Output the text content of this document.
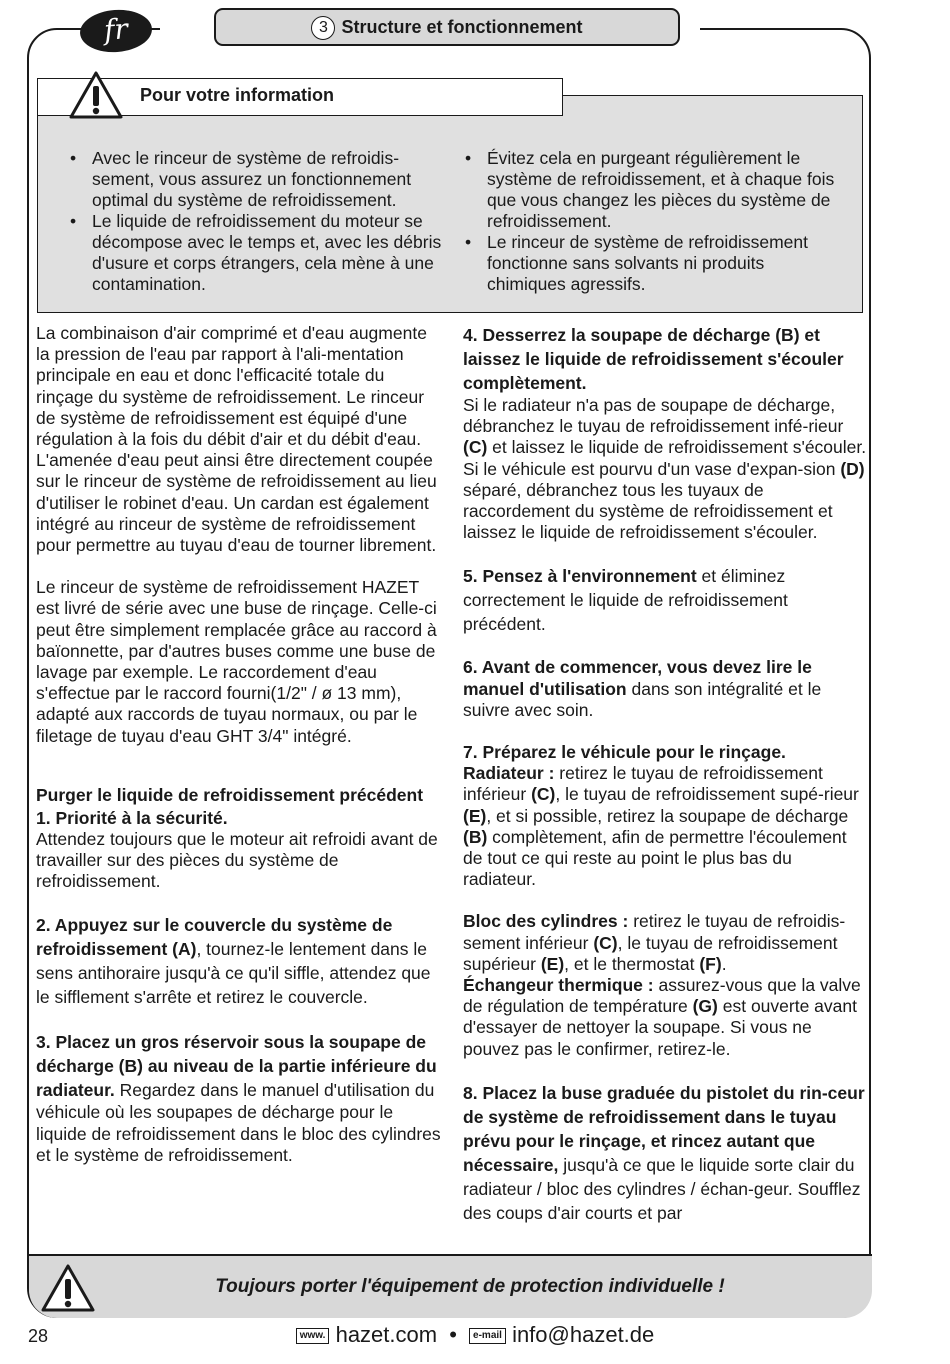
fr	3 Structure et fonctionnement
Pour votre information
• Avec le rinceur de système de refroidis-sement, vous assurez un fonctionnement optimal du système de refroidissement.
• Le liquide de refroidissement du moteur se décompose avec le temps et, avec les débris d'usure et corps étrangers, cela mène à une contamination.
• Évitez cela en purgeant régulièrement le système de refroidissement, et à chaque fois que vous changez les pièces du système de refroidissement.
• Le rinceur de système de refroidissement fonctionne sans solvants ni produits chimiques agressifs.

La combinaison d'air comprimé et d'eau augmente la pression de l'eau par rapport à l'ali-mentation principale en eau et donc l'efficacité totale du rinçage du système de refroidissement. Le rinceur de système de refroidissement est équipé d'une régulation à la fois du débit d'air et du débit d'eau. L'amenée d'eau peut ainsi être directement coupée sur le rinceur de système de refroidissement au lieu d'utiliser le robinet d'eau. Un cardan est également intégré au rinceur de système de refroidissement pour permettre au tuyau d'eau de tourner librement.

Le rinceur de système de refroidissement HAZET est livré de série avec une buse de rinçage. Celle-ci peut être simplement remplacée grâce au raccord à baïonnette, par d'autres buses comme une buse de lavage par exemple. Le raccordement d'eau s'effectue par le raccord fourni(1/2" / ø 13 mm), adapté aux raccords de tuyau normaux, ou par le filetage de tuyau d'eau GHT 3/4" intégré.

Purger le liquide de refroidissement précédent
1. Priorité à la sécurité.
Attendez toujours que le moteur ait refroidi avant de travailler sur des pièces du système de refroidissement.

2. Appuyez sur le couvercle du système de refroidissement (A), tournez-le lentement dans le sens antihoraire jusqu'à ce qu'il siffle, attendez que le sifflement s'arrête et retirez le couvercle.

3. Placez un gros réservoir sous la soupape de décharge (B) au niveau de la partie inférieure du radiateur. Regardez dans le manuel d'utilisation du véhicule où les soupapes de décharge pour le liquide de refroidissement dans le bloc des cylindres et le système de refroidissement.

4. Desserrez la soupape de décharge (B) et laissez le liquide de refroidissement s'écouler complètement.
Si le radiateur n'a pas de soupape de décharge, débranchez le tuyau de refroidissement infé-rieur (C) et laissez le liquide de refroidissement s'écouler.
Si le véhicule est pourvu d'un vase d'expan-sion (D) séparé, débranchez tous les tuyaux de raccordement du système de refroidissement et laissez le liquide de refroidissement s'écouler.

5. Pensez à l'environnement et éliminez correctement le liquide de refroidissement précédent.

6. Avant de commencer, vous devez lire le manuel d'utilisation dans son intégralité et le suivre avec soin.

7. Préparez le véhicule pour le rinçage.
Radiateur : retirez le tuyau de refroidissement inférieur (C), le tuyau de refroidissement supé-rieur (E), et si possible, retirez la soupape de décharge (B) complètement, afin de permettre l'écoulement de tout ce qui reste au point le plus bas du radiateur.

Bloc des cylindres : retirez le tuyau de refroidis-sement inférieur (C), le tuyau de refroidissement supérieur (E), et le thermostat (F).
Échangeur thermique : assurez-vous que la valve de régulation de température (G) est ouverte avant d'essayer de nettoyer la soupape. Si vous ne pouvez pas le confirmer, retirez-le.

8. Placez la buse graduée du pistolet du rin-ceur de système de refroidissement dans le tuyau prévu pour le rinçage, et rincez autant que nécessaire, jusqu'à ce que le liquide sorte clair du radiateur / bloc des cylindres / échan-geur. Soufflez des coups d'air courts et par

Toujours porter l'équipement de protection individuelle !
28	www. hazet.com • e-mail info@hazet.de
